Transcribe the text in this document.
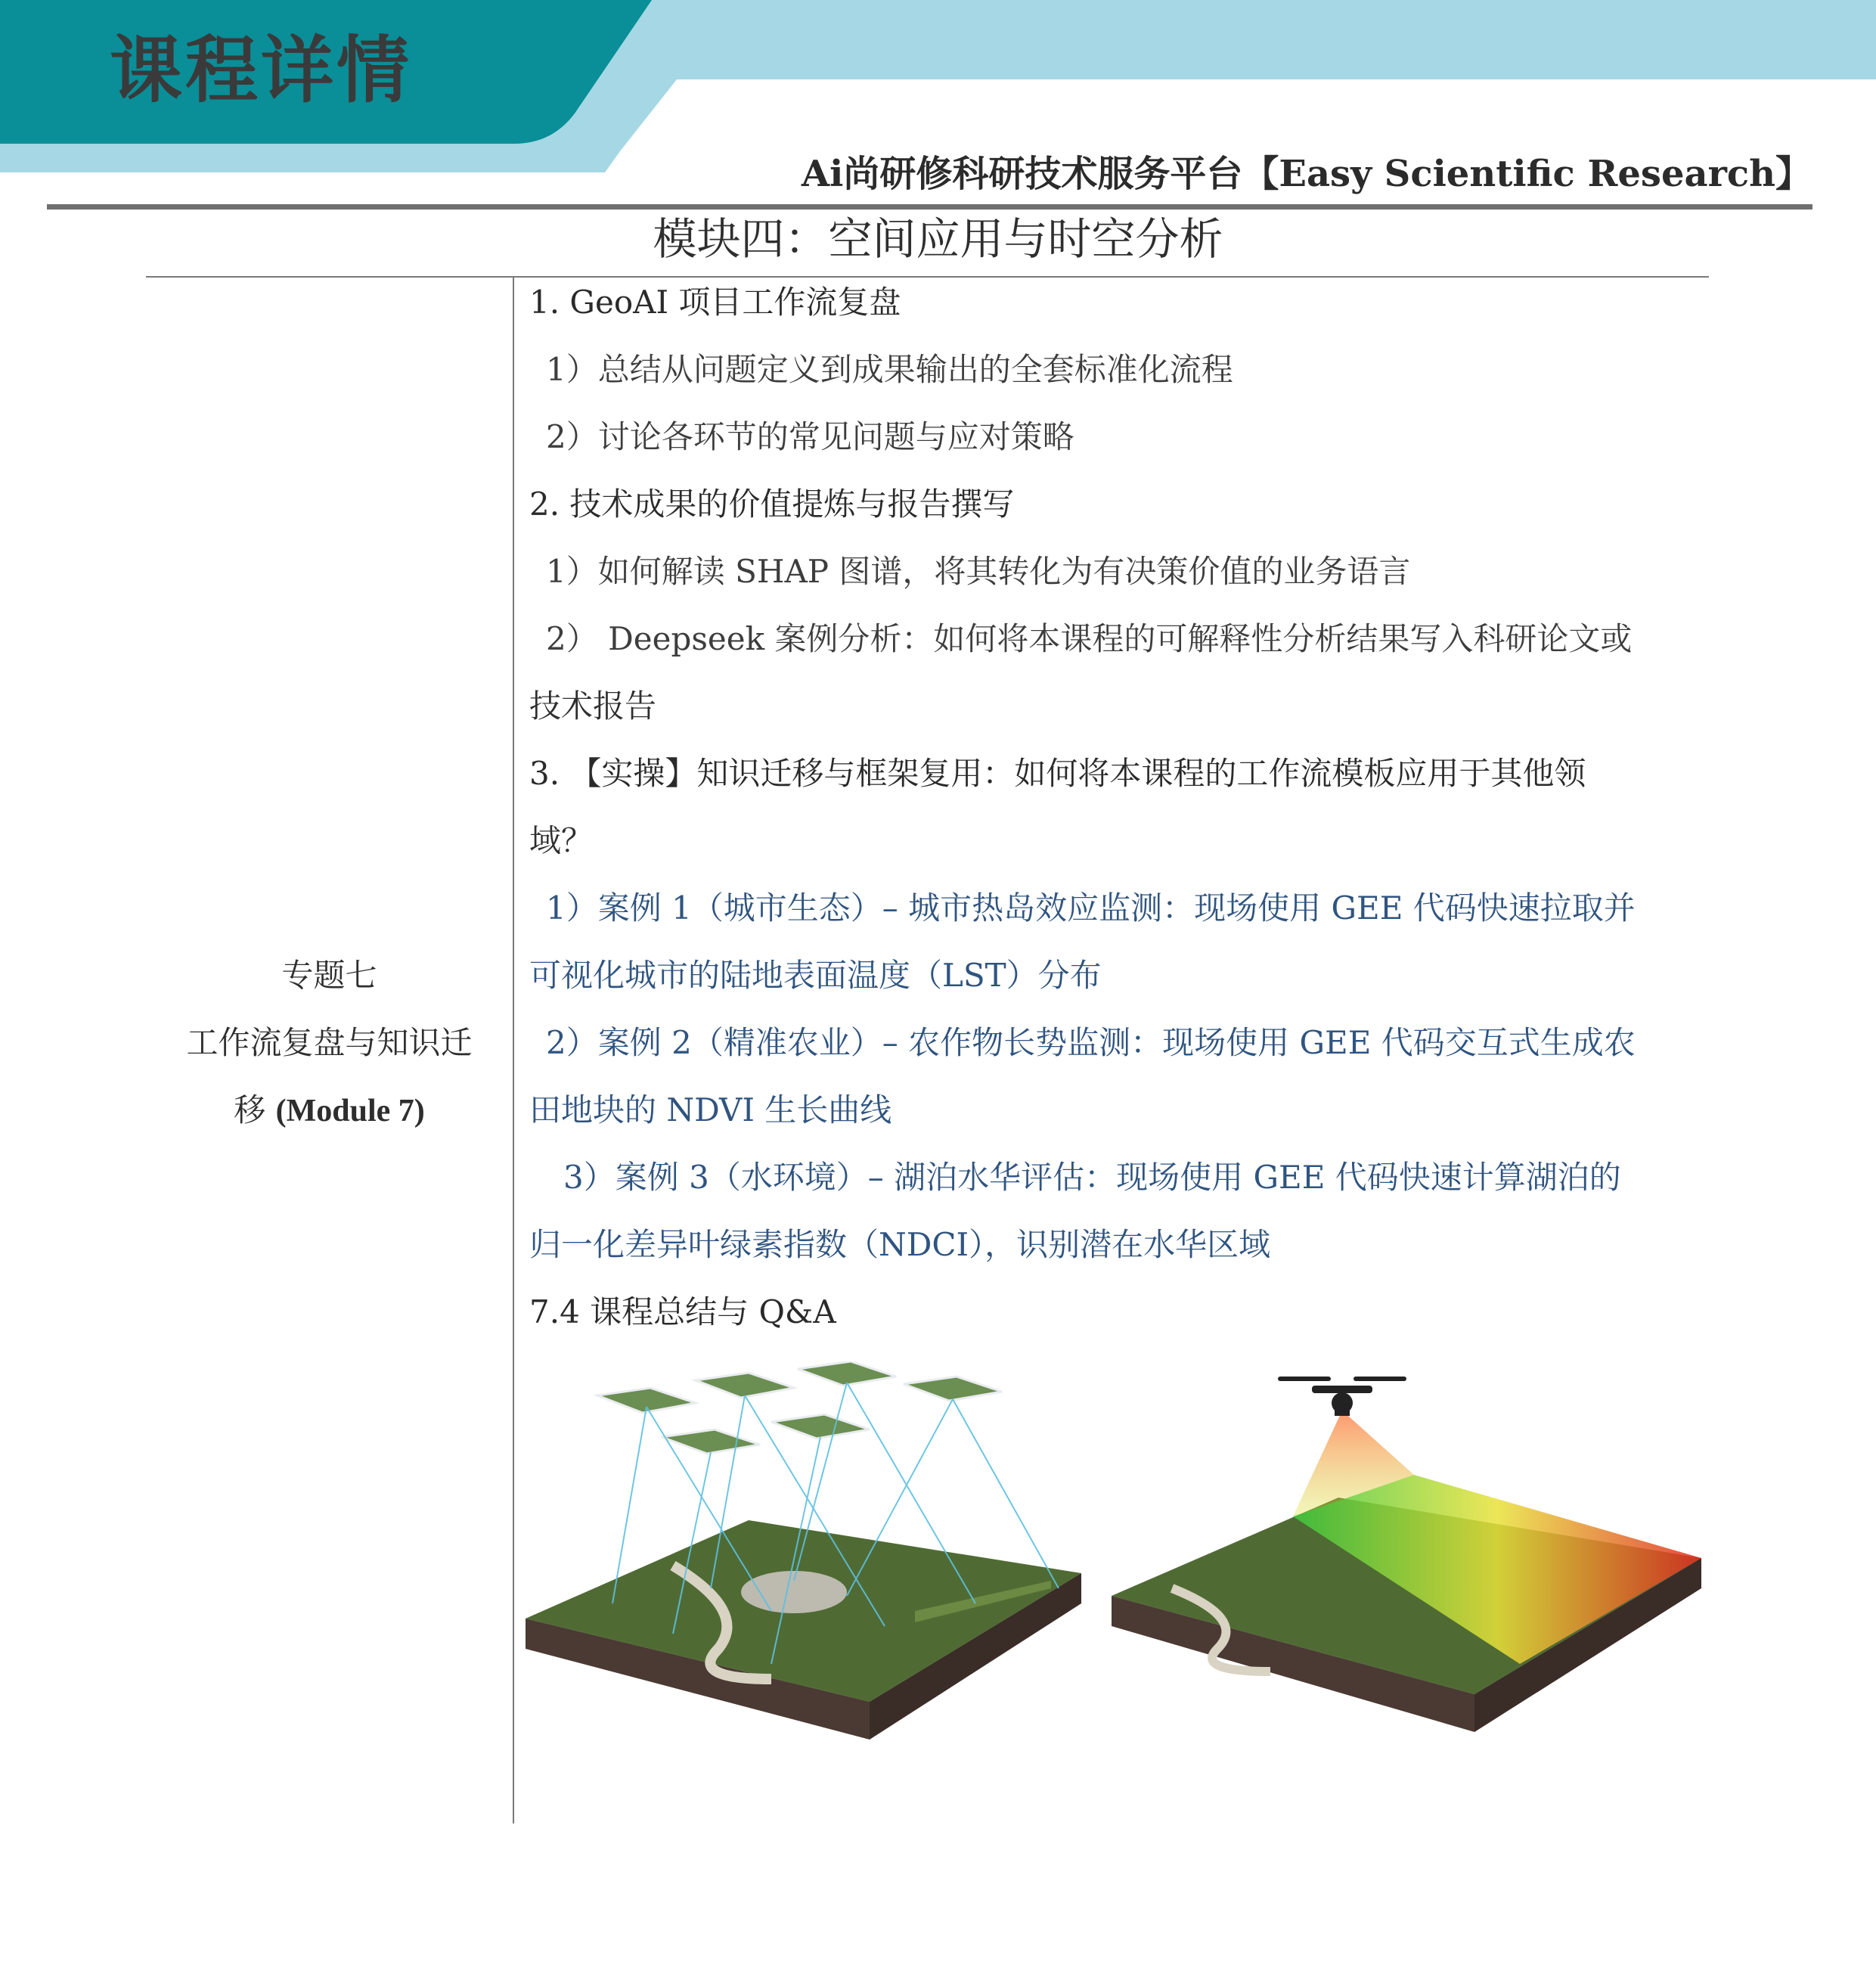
课程详情
Ai尚研修科研技术服务平台【Easy Scientific Research】
模块四：空间应用与时空分析
专题七
工作流复盘与知识迁
移 (Module 7)
1. GeoAI 项目工作流复盘
1）总结从问题定义到成果输出的全套标准化流程
2）讨论各环节的常见问题与应对策略
2. 技术成果的价值提炼与报告撰写
1）如何解读 SHAP 图谱，将其转化为有决策价值的业务语言
2） Deepseek 案例分析：如何将本课程的可解释性分析结果写入科研论文或
技术报告
3. 【实操】知识迁移与框架复用：如何将本课程的工作流模板应用于其他领
域？
1）案例 1（城市生态）– 城市热岛效应监测：现场使用 GEE 代码快速拉取并
可视化城市的陆地表面温度（LST）分布
2）案例 2（精准农业）– 农作物长势监测：现场使用 GEE 代码交互式生成农
田地块的 NDVI 生长曲线
3）案例 3（水环境）– 湖泊水华评估：现场使用 GEE 代码快速计算湖泊的
归一化差异叶绿素指数（NDCI），识别潜在水华区域
7.4 课程总结与 Q&A
